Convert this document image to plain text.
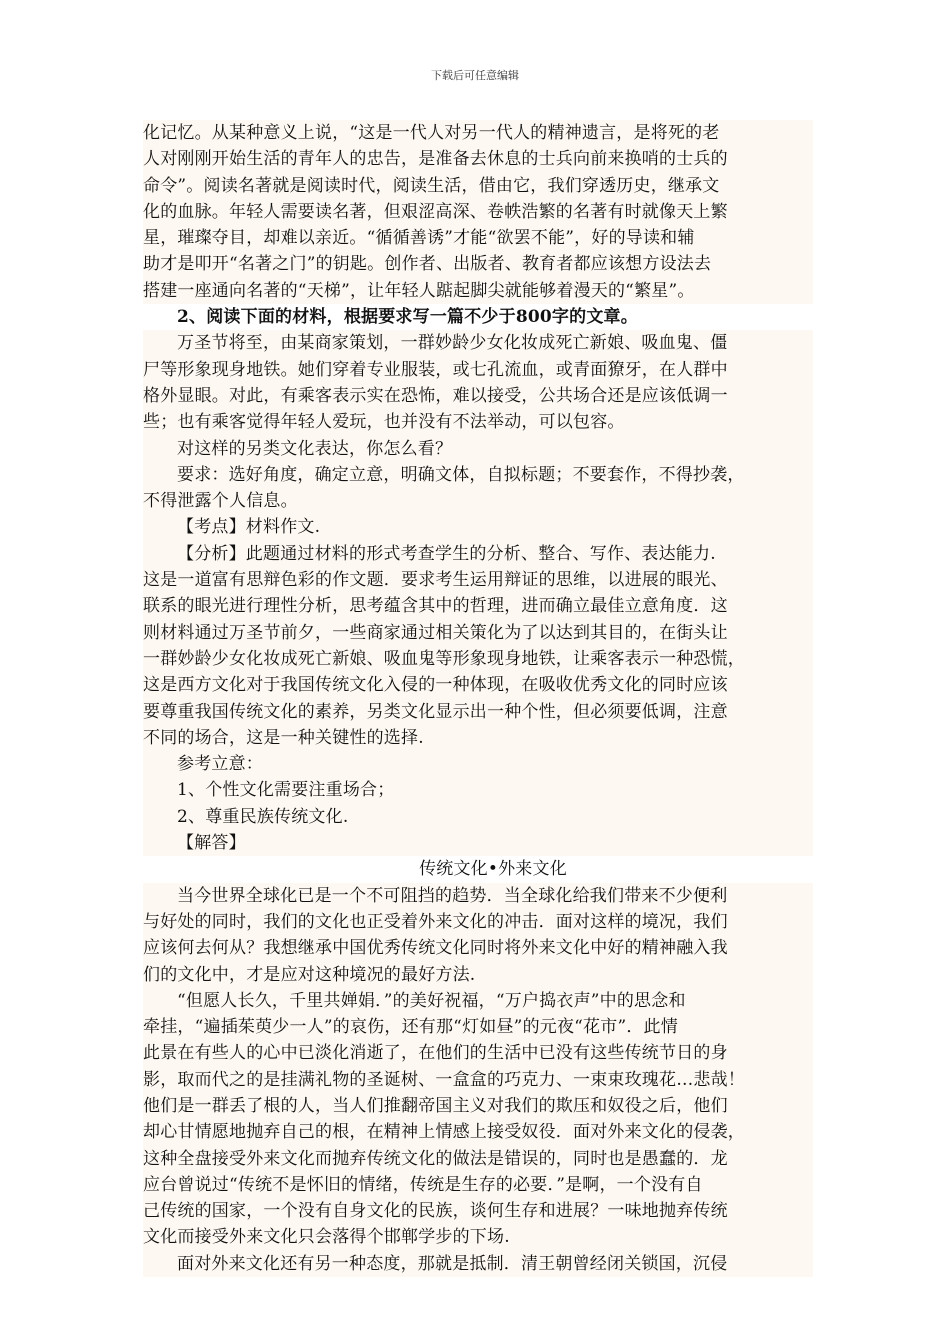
下载后可任意编辑
化记忆。从某种意义上说，“这是一代人对另一代人的精神遗言，是将死的老
人对刚刚开始生活的青年人的忠告，是准备去休息的士兵向前来换哨的士兵的
命令”。阅读名著就是阅读时代，阅读生活，借由它，我们穿透历史，继承文
化的血脉。年轻人需要读名著，但艰涩高深、卷帙浩繁的名著有时就像天上繁
星，璀璨夺目，却难以亲近。“循循善诱”才能“欲罢不能”，好的导读和辅
助才是叩开“名著之门”的钥匙。创作者、出版者、教育者都应该想方设法去
搭建一座通向名著的“天梯”，让年轻人踮起脚尖就能够着漫天的“繁星”。
2、阅读下面的材料，根据要求写一篇不少于800字的文章。
万圣节将至，由某商家策划，一群妙龄少女化妆成死亡新娘、吸血鬼、僵
尸等形象现身地铁。她们穿着专业服装，或七孔流血，或青面獠牙，在人群中
格外显眼。对此，有乘客表示实在恐怖，难以接受，公共场合还是应该低调一
些；也有乘客觉得年轻人爱玩，也并没有不法举动，可以包容。
对这样的另类文化表达，你怎么看？
要求：选好角度，确定立意，明确文体，自拟标题；不要套作，不得抄袭，
不得泄露个人信息。
【考点】材料作文.
【分析】此题通过材料的形式考查学生的分析、整合、写作、表达能力.
这是一道富有思辩色彩的作文题．要求考生运用辩证的思维，以进展的眼光、
联系的眼光进行理性分析，思考蕴含其中的哲理，进而确立最佳立意角度．这
则材料通过万圣节前夕，一些商家通过相关策化为了以达到其目的，在街头让
一群妙龄少女化妆成死亡新娘、吸血鬼等形象现身地铁，让乘客表示一种恐慌，
这是西方文化对于我国传统文化入侵的一种体现，在吸收优秀文化的同时应该
要尊重我国传统文化的素养，另类文化显示出一种个性，但必须要低调，注意
不同的场合，这是一种关键性的选择.
参考立意：
1、个性文化需要注重场合；
2、尊重民族传统文化.
【解答】
传统文化•外来文化
当今世界全球化已是一个不可阻挡的趋势．当全球化给我们带来不少便利
与好处的同时，我们的文化也正受着外来文化的冲击．面对这样的境况，我们
应该何去何从？我想继承中国优秀传统文化同时将外来文化中好的精神融入我
们的文化中，才是应对这种境况的最好方法.
“但愿人长久，千里共婵娟．”的美好祝福，“万户捣衣声”中的思念和
牵挂，“遍插茱萸少一人”的哀伤，还有那“灯如昼”的元夜“花市”．此情
此景在有些人的心中已淡化消逝了，在他们的生活中已没有这些传统节日的身
影，取而代之的是挂满礼物的圣诞树、一盒盒的巧克力、一束束玫瑰花…悲哉！
他们是一群丢了根的人，当人们推翻帝国主义对我们的欺压和奴役之后，他们
却心甘情愿地抛弃自己的根，在精神上情感上接受奴役．面对外来文化的侵袭，
这种全盘接受外来文化而抛弃传统文化的做法是错误的，同时也是愚蠢的．龙
应台曾说过“传统不是怀旧的情绪，传统是生存的必要．”是啊，一个没有自
己传统的国家，一个没有自身文化的民族，谈何生存和进展？一味地抛弃传统
文化而接受外来文化只会落得个邯郸学步的下场.
面对外来文化还有另一种态度，那就是抵制．清王朝曾经闭关锁国，沉侵
